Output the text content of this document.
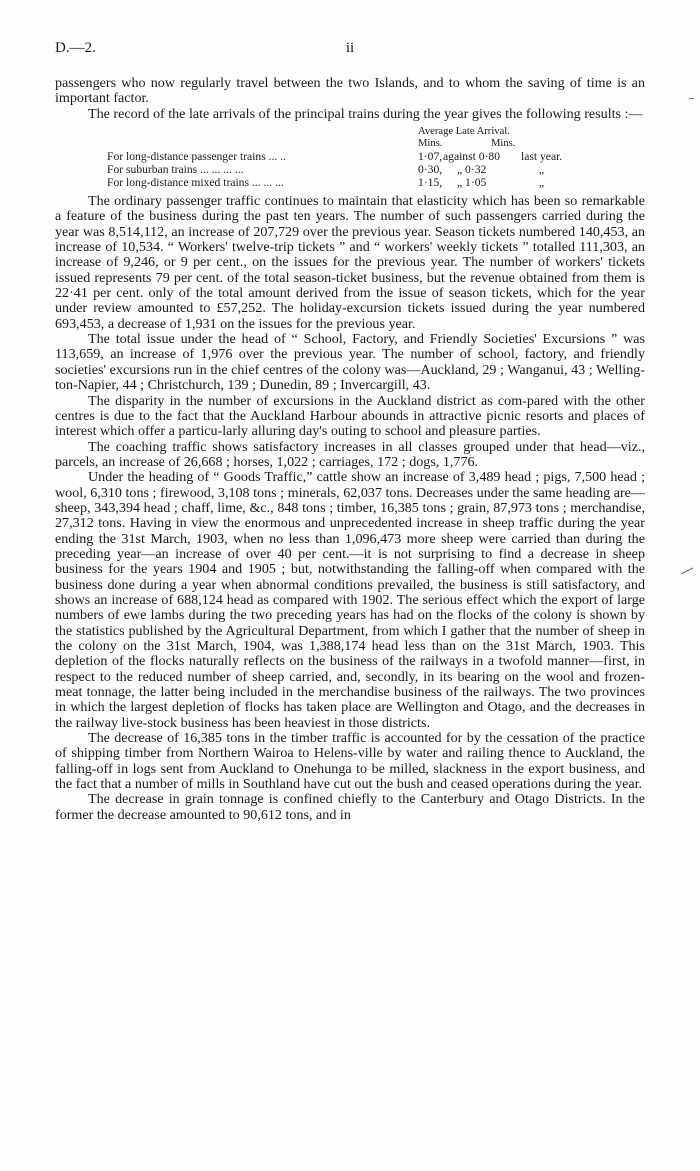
D.—2.	ii

passengers who now regularly travel between the two Islands, and to whom the saving of time is an important factor.

The record of the late arrivals of the principal trains during the year gives the following results :—

Average Late Arrival.
Mins.	Mins.
For long-distance passenger trains ... ..	1·07, against 0·80 last year.
For suburban trains ... ... ... ...	0·30, „ 0·32	„
For long-distance mixed trains ... ... ...	1·15, „ 1·05	„

The ordinary passenger traffic continues to maintain that elasticity which has been so remarkable a feature of the business during the past ten years. The number of such passengers carried during the year was 8,514,112, an increase of 207,729 over the previous year. Season tickets numbered 140,453, an increase of 10,534. “ Workers' twelve-trip tickets ” and “ workers' weekly tickets ” totalled 111,303, an increase of 9,246, or 9 per cent., on the issues for the previous year. The number of workers' tickets issued represents 79 per cent. of the total season-ticket business, but the revenue obtained from them is 22·41 per cent. only of the total amount derived from the issue of season tickets, which for the year under review amounted to £57,252. The holiday-excursion tickets issued during the year numbered 693,453, a decrease of 1,931 on the issues for the previous year.

The total issue under the head of “ School, Factory, and Friendly Societies' Excursions ” was 113,659, an increase of 1,976 over the previous year. The number of school, factory, and friendly societies' excursions run in the chief centres of the colony was—Auckland, 29 ; Wanganui, 43 ; Welling-ton-Napier, 44 ; Christchurch, 139 ; Dunedin, 89 ; Invercargill, 43.

The disparity in the number of excursions in the Auckland district as com-pared with the other centres is due to the fact that the Auckland Harbour abounds in attractive picnic resorts and places of interest which offer a particu-larly alluring day's outing to school and pleasure parties.

The coaching traffic shows satisfactory increases in all classes grouped under that head—viz., parcels, an increase of 26,668 ; horses, 1,022 ; carriages, 172 ; dogs, 1,776.

Under the heading of “ Goods Traffic,” cattle show an increase of 3,489 head ; pigs, 7,500 head ; wool, 6,310 tons ; firewood, 3,108 tons ; minerals, 62,037 tons. Decreases under the same heading are—sheep, 343,394 head ; chaff, lime, &c., 848 tons ; timber, 16,385 tons ; grain, 87,973 tons ; merchandise, 27,312 tons. Having in view the enormous and unprecedented increase in sheep traffic during the year ending the 31st March, 1903, when no less than 1,096,473 more sheep were carried than during the preceding year—an increase of over 40 per cent.—it is not surprising to find a decrease in sheep business for the years 1904 and 1905 ; but, notwithstanding the falling-off when compared with the business done during a year when abnormal conditions prevailed, the business is still satisfactory, and shows an increase of 688,124 head as compared with 1902. The serious effect which the export of large numbers of ewe lambs during the two preceding years has had on the flocks of the colony is shown by the statistics published by the Agricultural Department, from which I gather that the number of sheep in the colony on the 31st March, 1904, was 1,388,174 head less than on the 31st March, 1903. This depletion of the flocks naturally reflects on the business of the railways in a twofold manner—first, in respect to the reduced number of sheep carried, and, secondly, in its bearing on the wool and frozen-meat tonnage, the latter being included in the merchandise business of the railways. The two provinces in which the largest depletion of flocks has taken place are Wellington and Otago, and the decreases in the railway live-stock business has been heaviest in those districts.

The decrease of 16,385 tons in the timber traffic is accounted for by the cessation of the practice of shipping timber from Northern Wairoa to Helens-ville by water and railing thence to Auckland, the falling-off in logs sent from Auckland to Onehunga to be milled, slackness in the export business, and the fact that a number of mills in Southland have cut out the bush and ceased operations during the year.

The decrease in grain tonnage is confined chiefly to the Canterbury and Otago Districts. In the former the decrease amounted to 90,612 tons, and in
